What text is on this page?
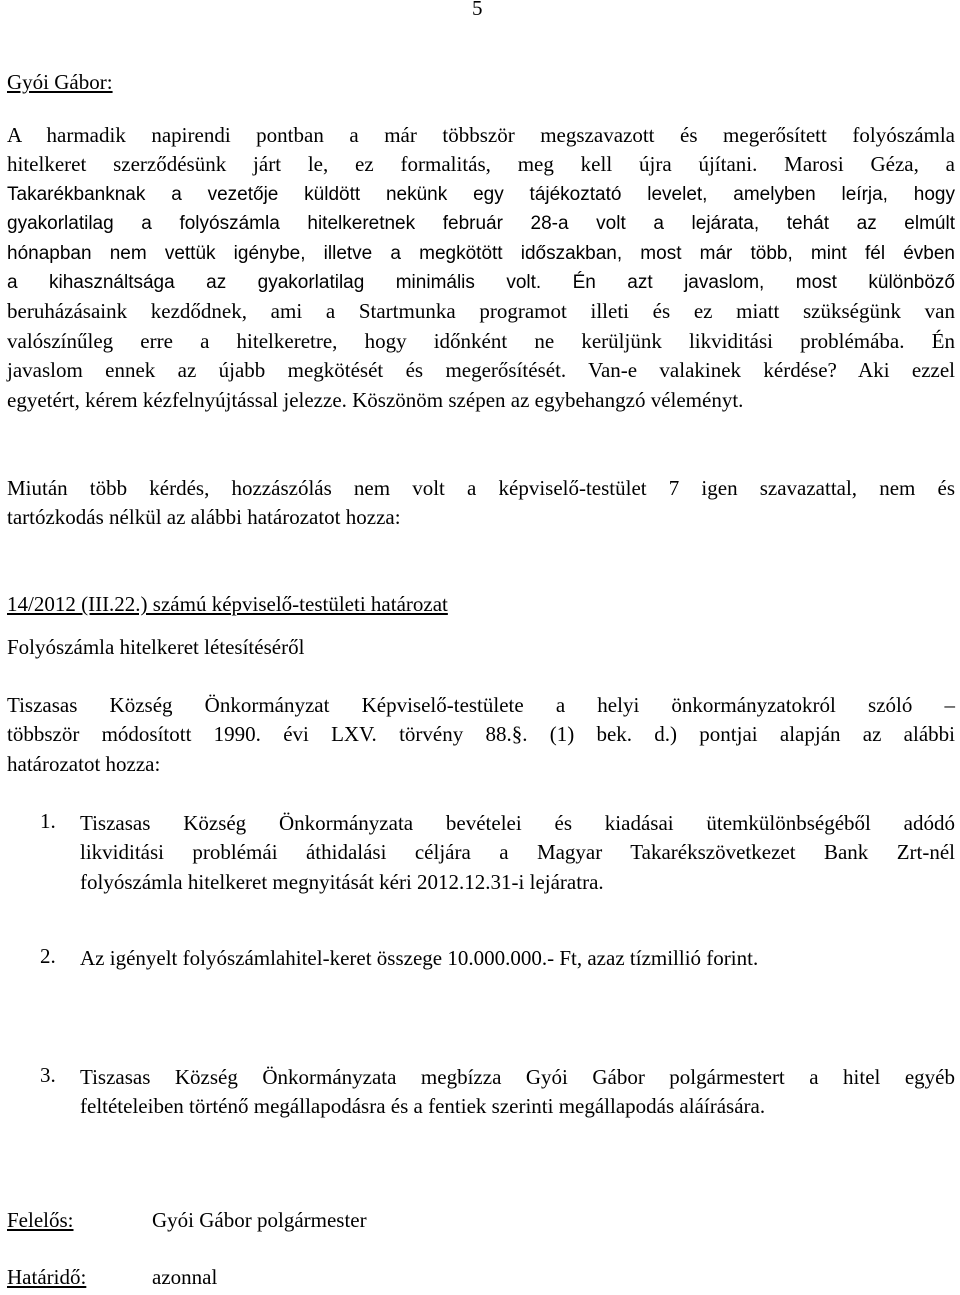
5
Gyói Gábor:
A harmadik napirendi pontban a már többször megszavazott és megerősített folyószámla
hitelkeret szerződésünk járt le, ez formalitás, meg kell újra újítani. Marosi Géza, a
Takarékbanknak a vezetője küldött nekünk egy tájékoztató levelet, amelyben leírja, hogy
gyakorlatilag a folyószámla hitelkeretnek február 28-a volt a lejárata, tehát az elmúlt
hónapban nem vettük igénybe, illetve a megkötött időszakban, most már több, mint fél évben
a kihasználtsága az gyakorlatilag minimális volt. Én azt javaslom, most különböző
beruházásaink kezdődnek, ami a Startmunka programot illeti és ez miatt szükségünk van
valószínűleg erre a hitelkeretre, hogy időnként ne kerüljünk likviditási problémába. Én
javaslom ennek az újabb megkötését és megerősítését. Van-e valakinek kérdése? Aki ezzel
egyetért, kérem kézfelnyújtással jelezze. Köszönöm szépen az egybehangzó véleményt.
Miután több kérdés, hozzászólás nem volt a képviselő-testület 7 igen szavazattal, nem és
tartózkodás nélkül az alábbi határozatot hozza:
14/2012 (III.22.) számú képviselő-testületi határozat
Folyószámla hitelkeret létesítéséről
Tiszasas Község Önkormányzat Képviselő-testülete a helyi önkormányzatokról szóló –
többször módosított 1990. évi LXV. törvény 88.§. (1) bek. d.) pontjai alapján az alábbi
határozatot hozza:
1. Tiszasas Község Önkormányzata bevételei és kiadásai ütemkülönbségéből adódó
likviditási problémái áthidalási céljára a Magyar Takarékszövetkezet Bank Zrt-nél
folyószámla hitelkeret megnyitását kéri 2012.12.31-i lejáratra.
2. Az igényelt folyószámlahitel-keret összege 10.000.000.- Ft, azaz tízmillió forint.
3. Tiszasas Község Önkormányzata megbízza Gyói Gábor polgármestert a hitel egyéb
feltételeiben történő megállapodásra és a fentiek szerinti megállapodás aláírására.
Felelős:	Gyói Gábor polgármester
Határidő:	azonnal
